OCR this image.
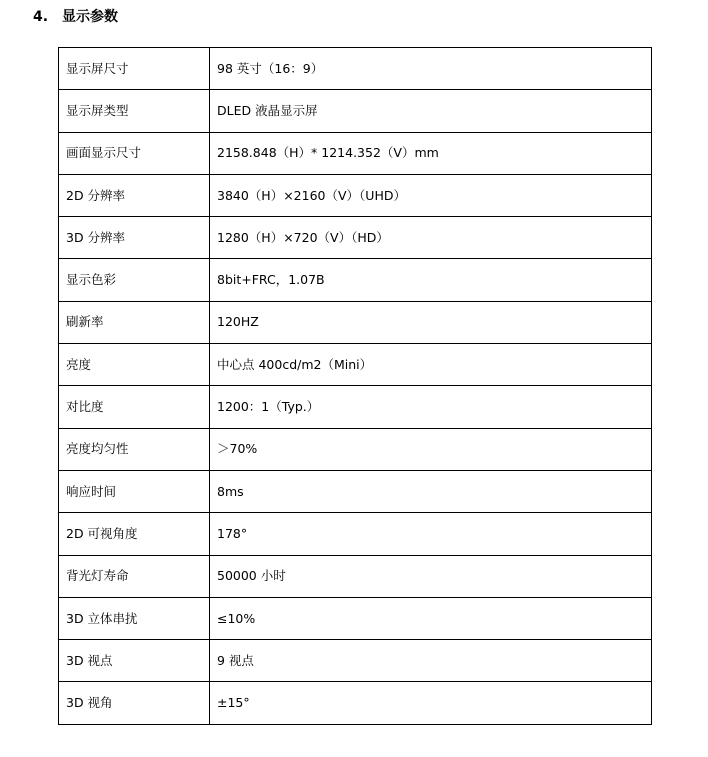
4. 显示参数
显示屏尺寸	98 英寸（16：9）
显示屏类型	DLED 液晶显示屏
画面显示尺寸	2158.848（H）* 1214.352（V）mm
2D 分辨率	3840（H）×2160（V）（UHD）
3D 分辨率	1280（H）×720（V）（HD）
显示色彩	8bit+FRC，1.07B
刷新率	120HZ
亮度	中心点 400cd/m2（Mini）
对比度	1200：1（Typ.）
亮度均匀性	＞70%
响应时间	8ms
2D 可视角度	178°
背光灯寿命	50000 小时
3D 立体串扰	≤10%
3D 视点	9 视点
3D 视角	±15°
